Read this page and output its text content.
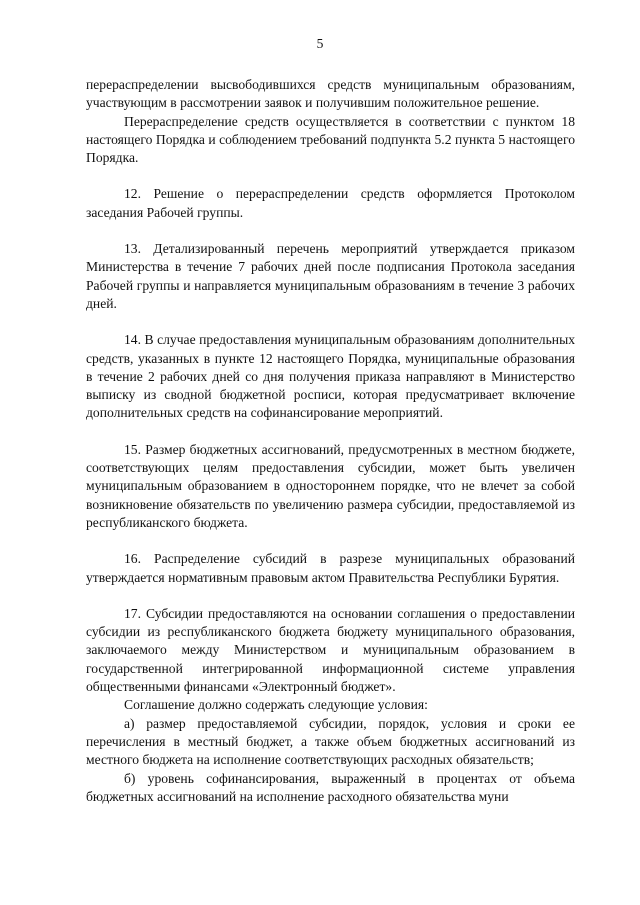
5

перераспределении высвободившихся средств муниципальным образованиям, участвующим в рассмотрении заявок и получившим положительное решение.

Перераспределение средств осуществляется в соответствии с пунктом 18 настоящего Порядка и соблюдением требований подпункта 5.2 пункта 5 настоящего Порядка.

12. Решение о перераспределении средств оформляется Протоколом заседания Рабочей группы.

13. Детализированный перечень мероприятий утверждается приказом Министерства в течение 7 рабочих дней после подписания Протокола заседания Рабочей группы и направляется муниципальным образованиям в течение 3 рабочих дней.

14. В случае предоставления муниципальным образованиям дополнительных средств, указанных в пункте 12 настоящего Порядка, муниципальные образования в течение 2 рабочих дней со дня получения приказа направляют в Министерство выписку из сводной бюджетной росписи, которая предусматривает включение дополнительных средств на софинансирование мероприятий.

15. Размер бюджетных ассигнований, предусмотренных в местном бюджете, соответствующих целям предоставления субсидии, может быть увеличен муниципальным образованием в одностороннем порядке, что не влечет за собой возникновение обязательств по увеличению размера субсидии, предоставляемой из республиканского бюджета.

16. Распределение субсидий в разрезе муниципальных образований утверждается нормативным правовым актом Правительства Республики Бурятия.

17. Субсидии предоставляются на основании соглашения о предоставлении субсидии из республиканского бюджета бюджету муниципального образования, заключаемого между Министерством и муниципальным образованием в государственной интегрированной информационной системе управления общественными финансами «Электронный бюджет».

Соглашение должно содержать следующие условия:

а) размер предоставляемой субсидии, порядок, условия и сроки ее перечисления в местный бюджет, а также объем бюджетных ассигнований из местного бюджета на исполнение соответствующих расходных обязательств;

б) уровень софинансирования, выраженный в процентах от объема бюджетных ассигнований на исполнение расходного обязательства муни
